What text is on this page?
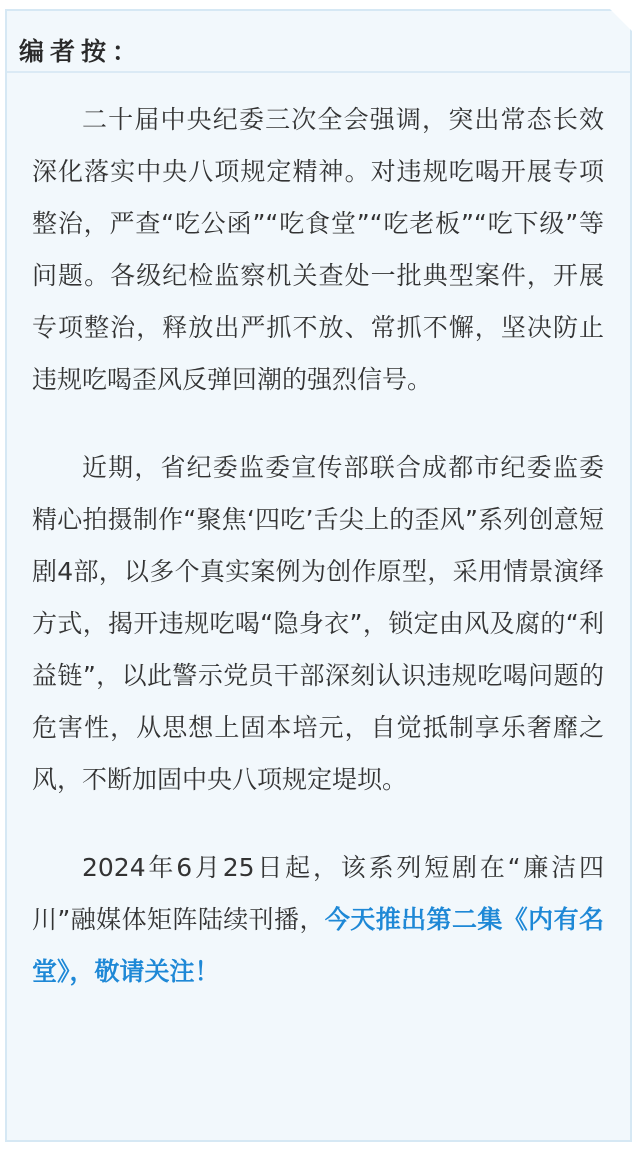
编者按：

二十届中央纪委三次全会强调，突出常态长效深化落实中央八项规定精神。对违规吃喝开展专项整治，严查“吃公函”“吃食堂”“吃老板”“吃下级”等问题。各级纪检监察机关查处一批典型案件，开展专项整治，释放出严抓不放、常抓不懈，坚决防止违规吃喝歪风反弹回潮的强烈信号。

近期，省纪委监委宣传部联合成都市纪委监委精心拍摄制作“聚焦‘四吃’舌尖上的歪风”系列创意短剧4部，以多个真实案例为创作原型，采用情景演绎方式，揭开违规吃喝“隐身衣”，锁定由风及腐的“利益链”，以此警示党员干部深刻认识违规吃喝问题的危害性，从思想上固本培元，自觉抵制享乐奢靡之风，不断加固中央八项规定堤坝。

2024年6月25日起，该系列短剧在“廉洁四川”融媒体矩阵陆续刊播，今天推出第二集《内有名堂》，敬请关注！
